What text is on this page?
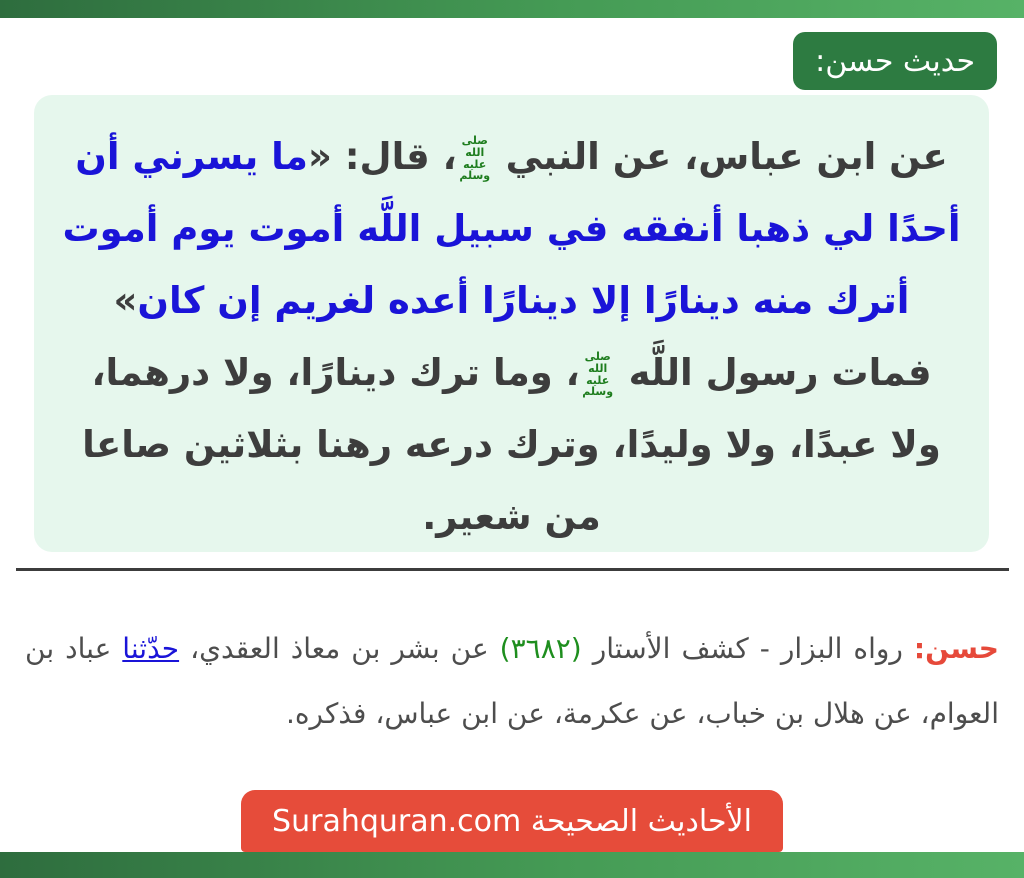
حديث حسن:
عن ابن عباس، عن النبي صلى الله عليه وسلم، قال: «ما يسرني أن أحدًا لي ذهبا أنفقه في سبيل اللَّه أموت يوم أموت أترك منه دينارًا إلا دينارًا أعده لغريم إن كان» فمات رسول اللَّه صلى الله عليه وسلم، وما ترك دينارًا، ولا درهما، ولا عبدًا، ولا وليدًا، وترك درعه رهنا بثلاثين صاعا من شعير.

حسن: رواه البزار - كشف الأستار (٣٦٨٢) عن بشر بن معاذ العقدي، حدّثنا عباد بن العوام، عن هلال بن خباب، عن عكرمة، عن ابن عباس، فذكره.

الأحاديث الصحيحة Surahquran.com
